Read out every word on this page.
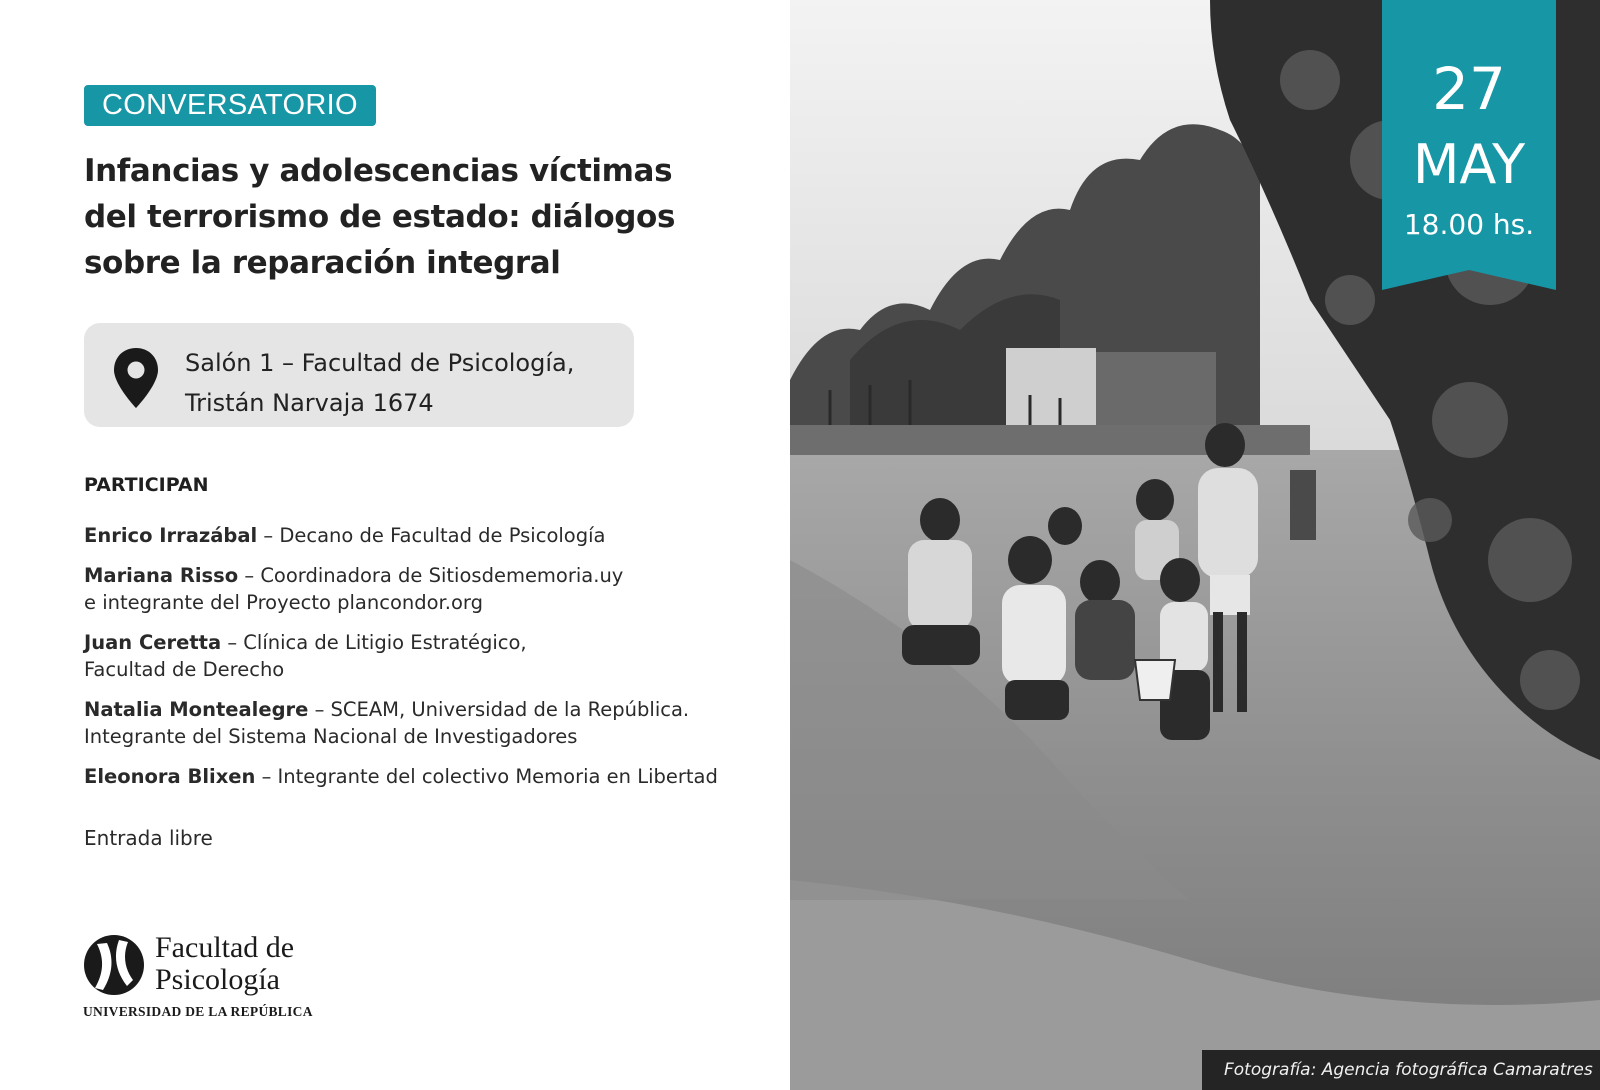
CONVERSATORIO
Infancias y adolescencias víctimas del terrorismo de estado: diálogos sobre la reparación integral
Salón 1 – Facultad de Psicología,
Tristán Narvaja 1674
PARTICIPAN
Enrico Irrazábal – Decano de Facultad de Psicología
Mariana Risso – Coordinadora de Sitiosdememoria.uy
e integrante del Proyecto plancondor.org
Juan Ceretta – Clínica de Litigio Estratégico,
Facultad de Derecho
Natalia Montealegre – SCEAM, Universidad de la República.
Integrante del Sistema Nacional de Investigadores
Eleonora Blixen – Integrante del colectivo Memoria en Libertad
Entrada libre
Facultad de
Psicología
UNIVERSIDAD DE LA REPÚBLICA
27
MAY
18.00 hs.
Fotografía: Agencia fotográfica Camaratres
